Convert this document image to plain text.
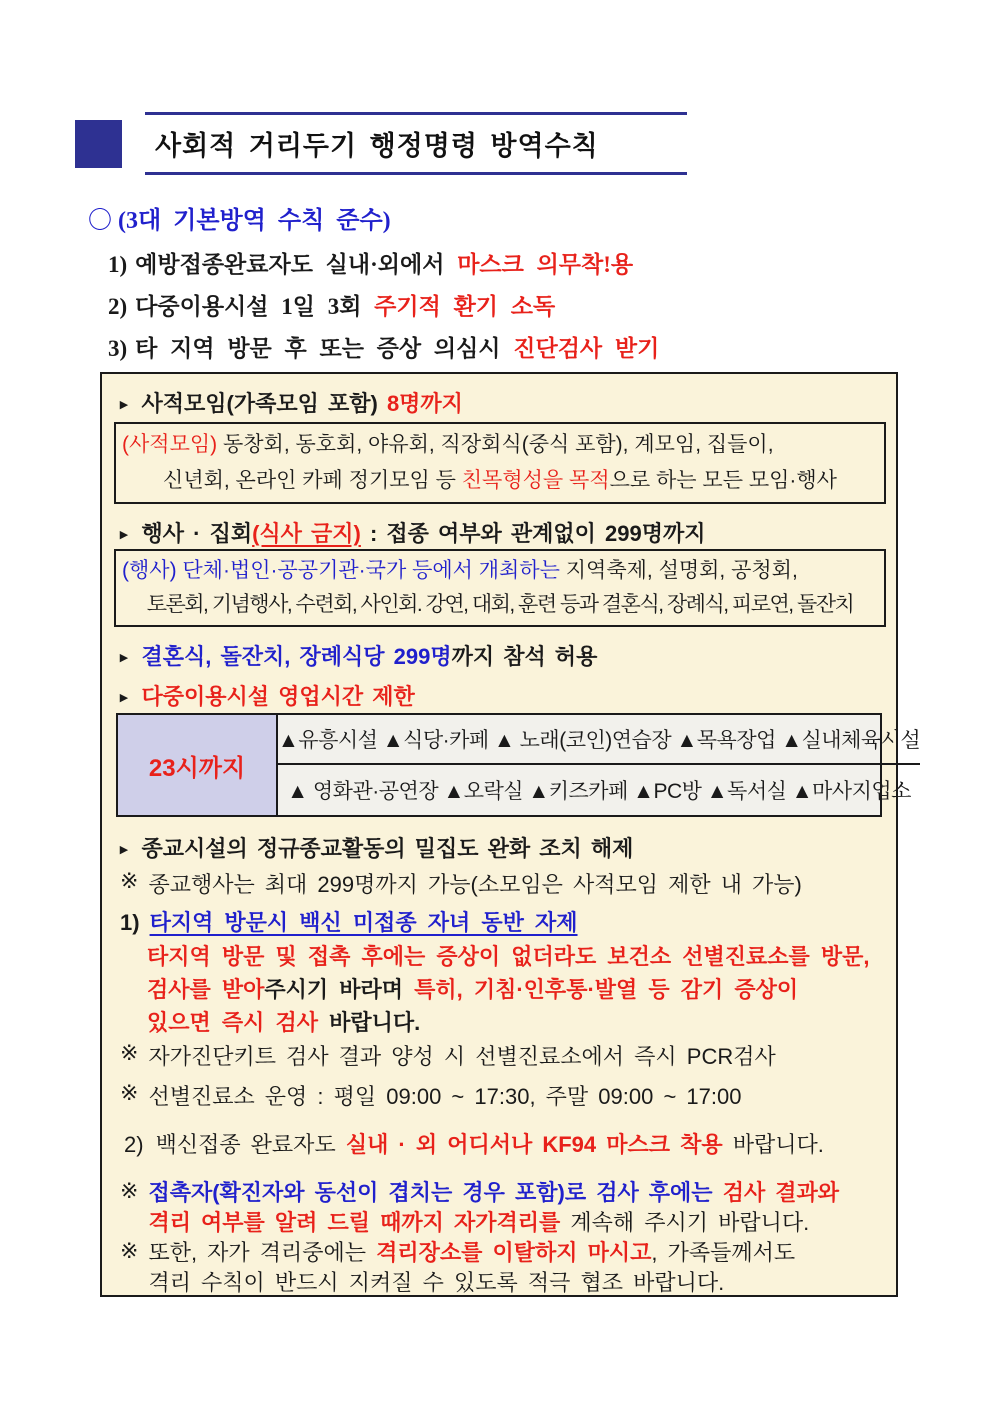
사회적 거리두기 행정명령 방역수칙
〇 (3대 기본방역 수칙 준수)
1) 예방접종완료자도 실내·외에서 마스크 의무착!용
2) 다중이용시설 1일 3회 주기적 환기 소독
3) 타 지역 방문 후 또는 증상 의심시 진단검사 받기
▸ 사적모임(가족모임 포함) 8명까지
(사적모임) 동창회, 동호회, 야유회, 직장회식(중식 포함), 계모임, 집들이,
신년회, 온라인 카페 정기모임 등 친목형성을 목적으로 하는 모든 모임·행사
▸ 행사 · 집회(식사 금지) : 접종 여부와 관계없이 299명까지
(행사) 단체·법인·공공기관·국가 등에서 개최하는 지역축제, 설명회, 공청회,
토론회, 기념행사, 수련회, 사인회. 강연, 대회, 훈련 등과 결혼식, 장례식, 피로연, 돌잔치
▸ 결혼식, 돌잔치, 장례식당 299명까지 참석 허용
▸ 다중이용시설 영업시간 제한
23시까지
▲유흥시설 ▲식당·카페 ▲ 노래(코인)연습장 ▲목욕장업 ▲실내체육시설
▲ 영화관·공연장 ▲오락실 ▲키즈카페 ▲PC방 ▲독서실 ▲마사지업소
▸ 종교시설의 정규종교활동의 밀집도 완화 조치 해제
※ 종교행사는 최대 299명까지 가능(소모임은 사적모임 제한 내 가능)
1) 타지역 방문시 백신 미접종 자녀 동반 자제
타지역 방문 및 접촉 후에는 증상이 없더라도 보건소 선별진료소를 방문,
검사를 받아주시기 바라며 특히, 기침·인후통·발열 등 감기 증상이
있으면 즉시 검사 바랍니다.
※ 자가진단키트 검사 결과 양성 시 선별진료소에서 즉시 PCR검사
※ 선별진료소 운영 : 평일 09:00 ~ 17:30, 주말 09:00 ~ 17:00
2) 백신접종 완료자도 실내 · 외 어디서나 KF94 마스크 착용 바랍니다.
※ 접촉자(확진자와 동선이 겹치는 경우 포함)로 검사 후에는 검사 결과와
격리 여부를 알려 드릴 때까지 자가격리를 계속해 주시기 바랍니다.
※ 또한, 자가 격리중에는 격리장소를 이탈하지 마시고, 가족들께서도
격리 수칙이 반드시 지켜질 수 있도록 적극 협조 바랍니다.
